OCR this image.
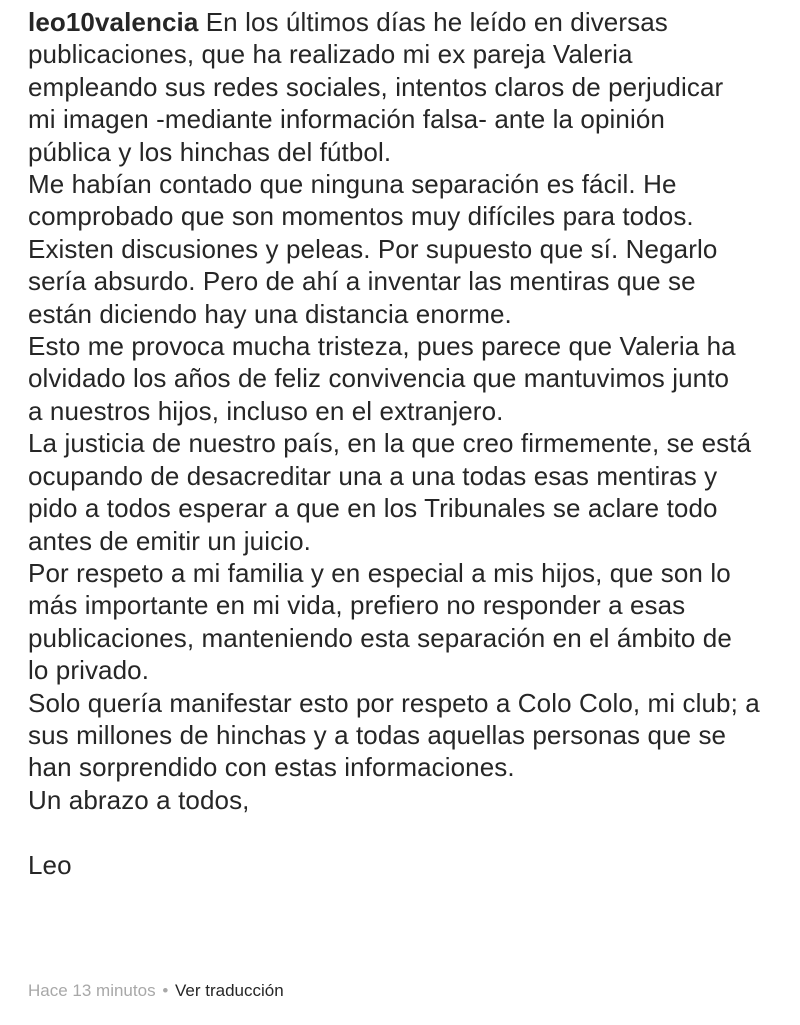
leo10valencia En los últimos días he leído en diversas
publicaciones, que ha realizado mi ex pareja Valeria
empleando sus redes sociales, intentos claros de perjudicar
mi imagen -mediante información falsa- ante la opinión
pública y los hinchas del fútbol.
Me habían contado que ninguna separación es fácil. He
comprobado que son momentos muy difíciles para todos.
Existen discusiones y peleas. Por supuesto que sí. Negarlo
sería absurdo. Pero de ahí a inventar las mentiras que se
están diciendo hay una distancia enorme.
Esto me provoca mucha tristeza, pues parece que Valeria ha
olvidado los años de feliz convivencia que mantuvimos junto
a nuestros hijos, incluso en el extranjero.
La justicia de nuestro país, en la que creo firmemente, se está
ocupando de desacreditar una a una todas esas mentiras y
pido a todos esperar a que en los Tribunales se aclare todo
antes de emitir un juicio.
Por respeto a mi familia y en especial a mis hijos, que son lo
más importante en mi vida, prefiero no responder a esas
publicaciones, manteniendo esta separación en el ámbito de
lo privado.
Solo quería manifestar esto por respeto a Colo Colo, mi club; a
sus millones de hinchas y a todas aquellas personas que se
han sorprendido con estas informaciones.
Un abrazo a todos,
Leo
Hace 13 minutos • Ver traducción
